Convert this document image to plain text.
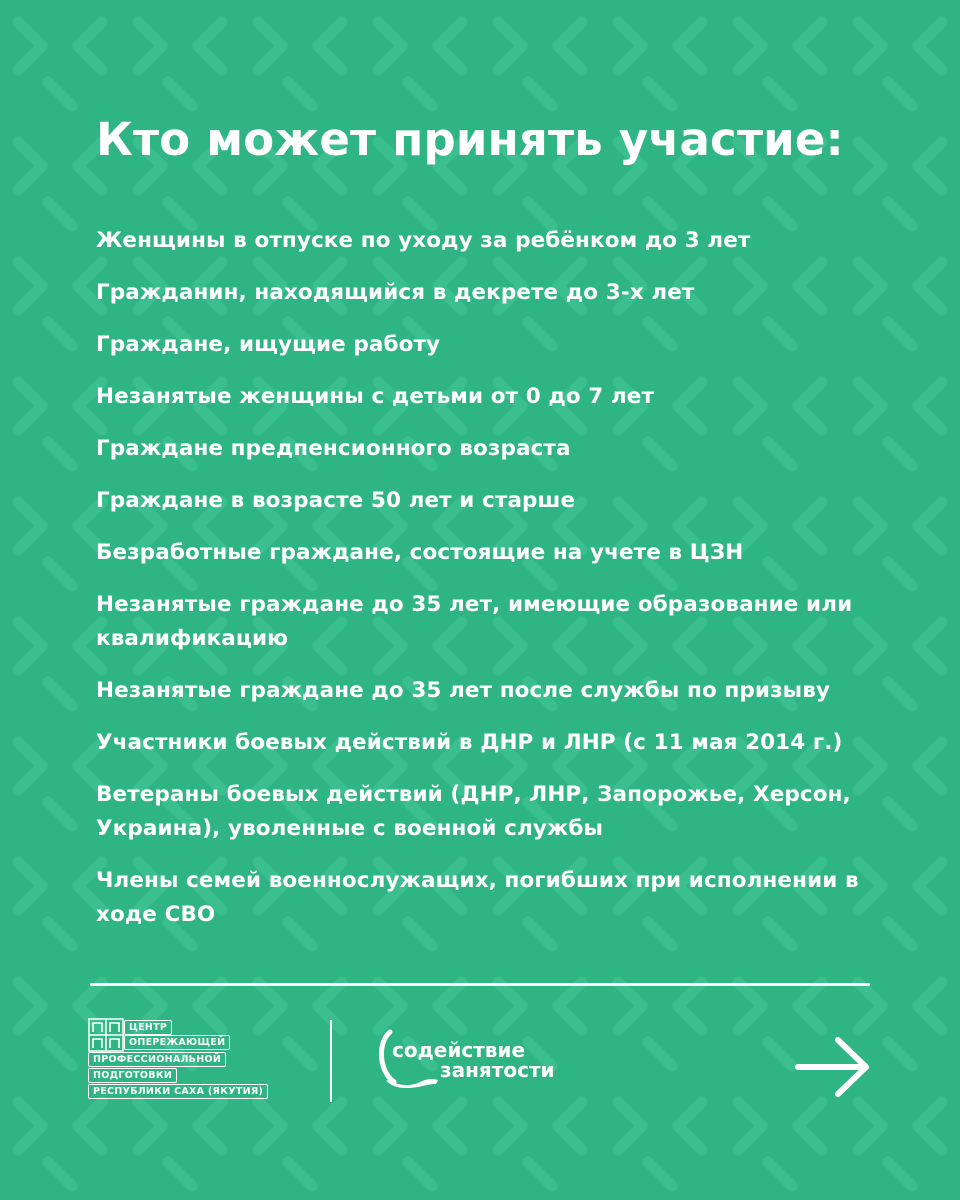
Кто может принять участие:
Женщины в отпуске по уходу за ребёнком до 3 лет
Гражданин, находящийся в декрете до 3-х лет
Граждане, ищущие работу
Незанятые женщины с детьми от 0 до 7 лет
Граждане предпенсионного возраста
Граждане в возрасте 50 лет и старше
Безработные граждане, состоящие на учете в ЦЗН
Незанятые граждане до 35 лет, имеющие образование или квалификацию
Незанятые граждане до 35 лет после службы по призыву
Участники боевых действий в ДНР и ЛНР (с 11 мая 2014 г.)
Ветераны боевых действий (ДНР, ЛНР, Запорожье, Херсон, Украина), уволенные с военной службы
Члены семей военнослужащих, погибших при исполнении в ходе СВО
ЦЕНТР
ОПЕРЕЖАЮЩЕЙ
ПРОФЕССИОНАЛЬНОЙ
ПОДГОТОВКИ
РЕСПУБЛИКИ САХА (ЯКУТИЯ)
содействие
занятости
